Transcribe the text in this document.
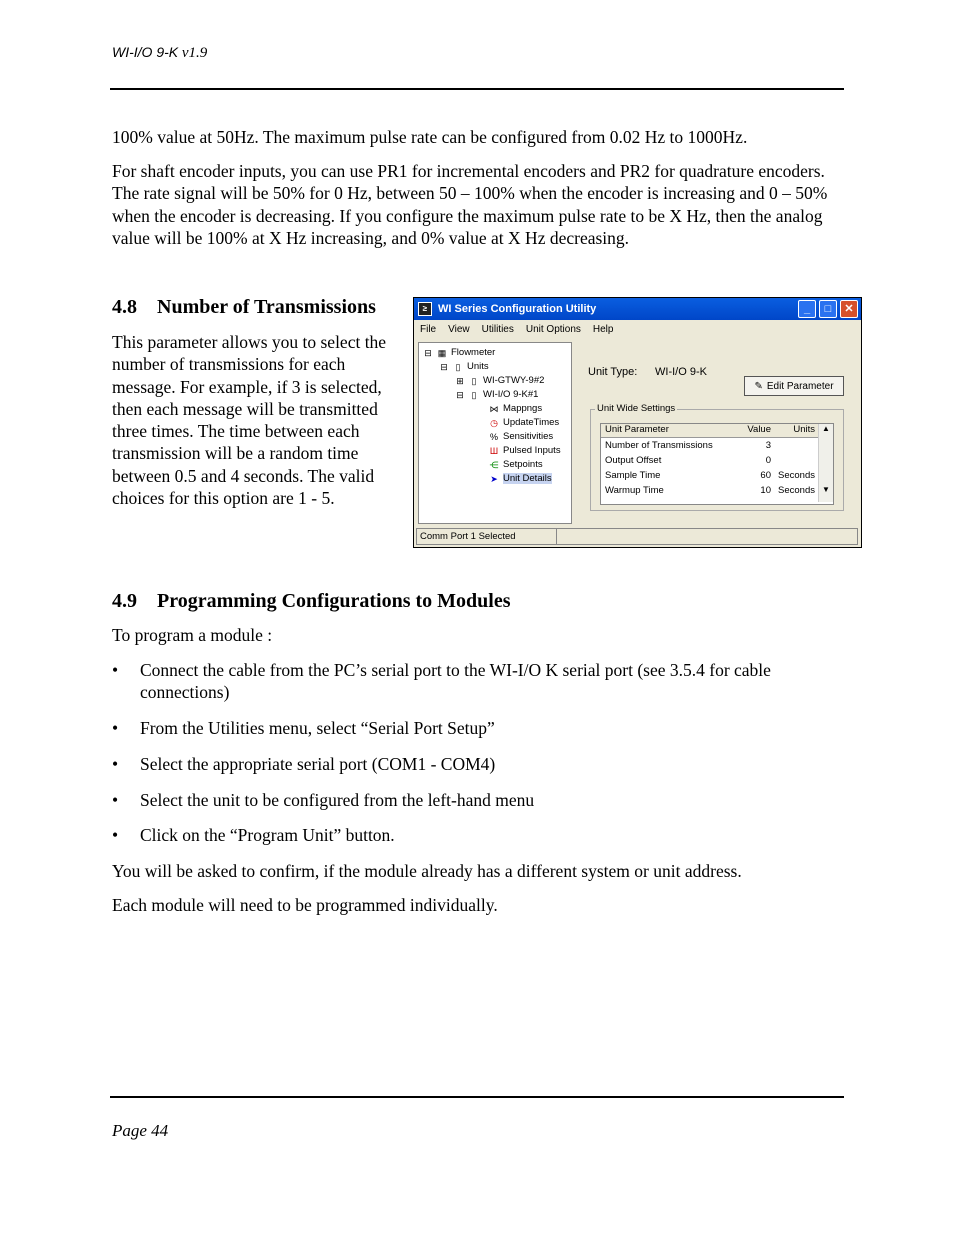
WI-I/O 9-K v1.9

100% value at 50Hz. The maximum pulse rate can be configured from 0.02 Hz to 1000Hz.

For shaft encoder inputs, you can use PR1 for incremental encoders and PR2 for quadrature encoders. The rate signal will be 50% for 0 Hz, between 50 – 100% when the encoder is increasing and 0 – 50% when the encoder is decreasing. If you configure the maximum pulse rate to be X Hz, then the analog value will be 100% at X Hz increasing, and 0% value at X Hz decreasing.

4.8 Number of Transmissions

This parameter allows you to select the number of transmissions for each message. For example, if 3 is selected, then each message will be transmitted three times. The time between each transmission will be a random time between 0.5 and 4 seconds. The valid choices for this option are 1 - 5.

≥ WI Series Configuration Utility	_	□	✕
File View Utilities Unit Options Help
⊟ ▦ Flowmeter
⊟ ▯ Units
⊞ ▯ WI-GTWY-9#2
⊟ ▯ WI-I/O 9-K#1
⋈ Mappngs
◷ UpdateTimes
% Sensitivities
Ш Pulsed Inputs
⋲ Setpoints
➤ Unit Details
Unit Type: WI-I/O 9-K
✎ Edit Parameter
Unit Wide Settings
Unit Parameter	Value	Units
Number of Transmissions	3
Output Offset	0
Sample Time	60 Seconds
Warmup Time	10 Seconds
▲
▼
Comm Port 1 Selected
4.9 Programming Configurations to Modules

To program a module :

• Connect the cable from the PC’s serial port to the WI-I/O K serial port (see 3.5.4 for cable connections)
• From the Utilities menu, select “Serial Port Setup”
• Select the appropriate serial port (COM1 - COM4)
• Select the unit to be configured from the left-hand menu
• Click on the “Program Unit” button.

You will be asked to confirm, if the module already has a different system or unit address.

Each module will need to be programmed individually.

Page 44
